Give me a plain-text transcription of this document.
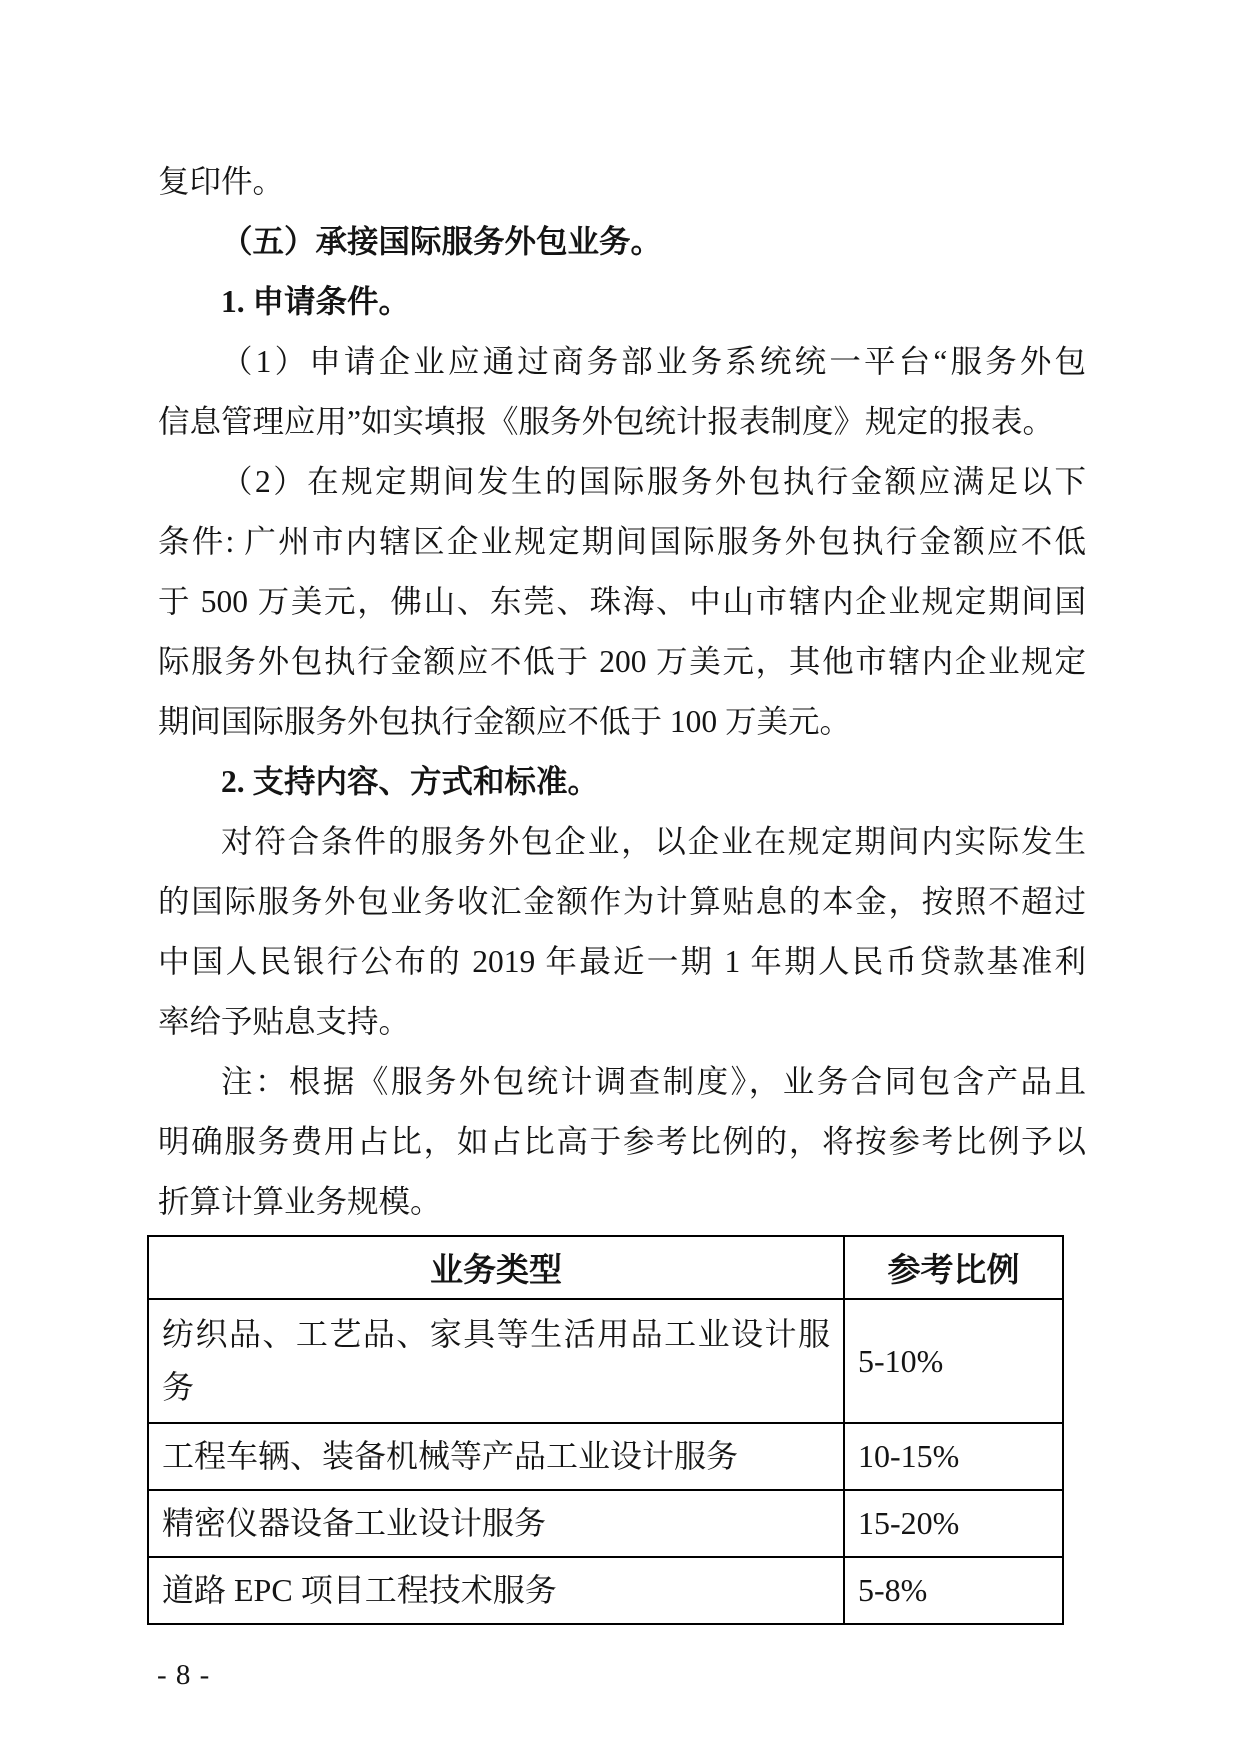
复印件。
（五）承接国际服务外包业务。
1. 申请条件。
（1）申请企业应通过商务部业务系统统一平台“服务外包
信息管理应用”如实填报《服务外包统计报表制度》规定的报表。
（2）在规定期间发生的国际服务外包执行金额应满足以下
条件: 广州市内辖区企业规定期间国际服务外包执行金额应不低
于 500 万美元，佛山、东莞、珠海、中山市辖内企业规定期间国
际服务外包执行金额应不低于 200 万美元，其他市辖内企业规定
期间国际服务外包执行金额应不低于 100 万美元。
2. 支持内容、方式和标准。
对符合条件的服务外包企业，以企业在规定期间内实际发生
的国际服务外包业务收汇金额作为计算贴息的本金，按照不超过
中国人民银行公布的 2019 年最近一期 1 年期人民币贷款基准利
率给予贴息支持。
注：根据《服务外包统计调查制度》，业务合同包含产品且
明确服务费用占比，如占比高于参考比例的，将按参考比例予以
折算计算业务规模。
业务类型	参考比例
纺织品、工艺品、家具等生活用品工业设计服务	5-10%
工程车辆、装备机械等产品工业设计服务	10-15%
精密仪器设备工业设计服务	15-20%
道路 EPC 项目工程技术服务	5-8%
- 8 -
